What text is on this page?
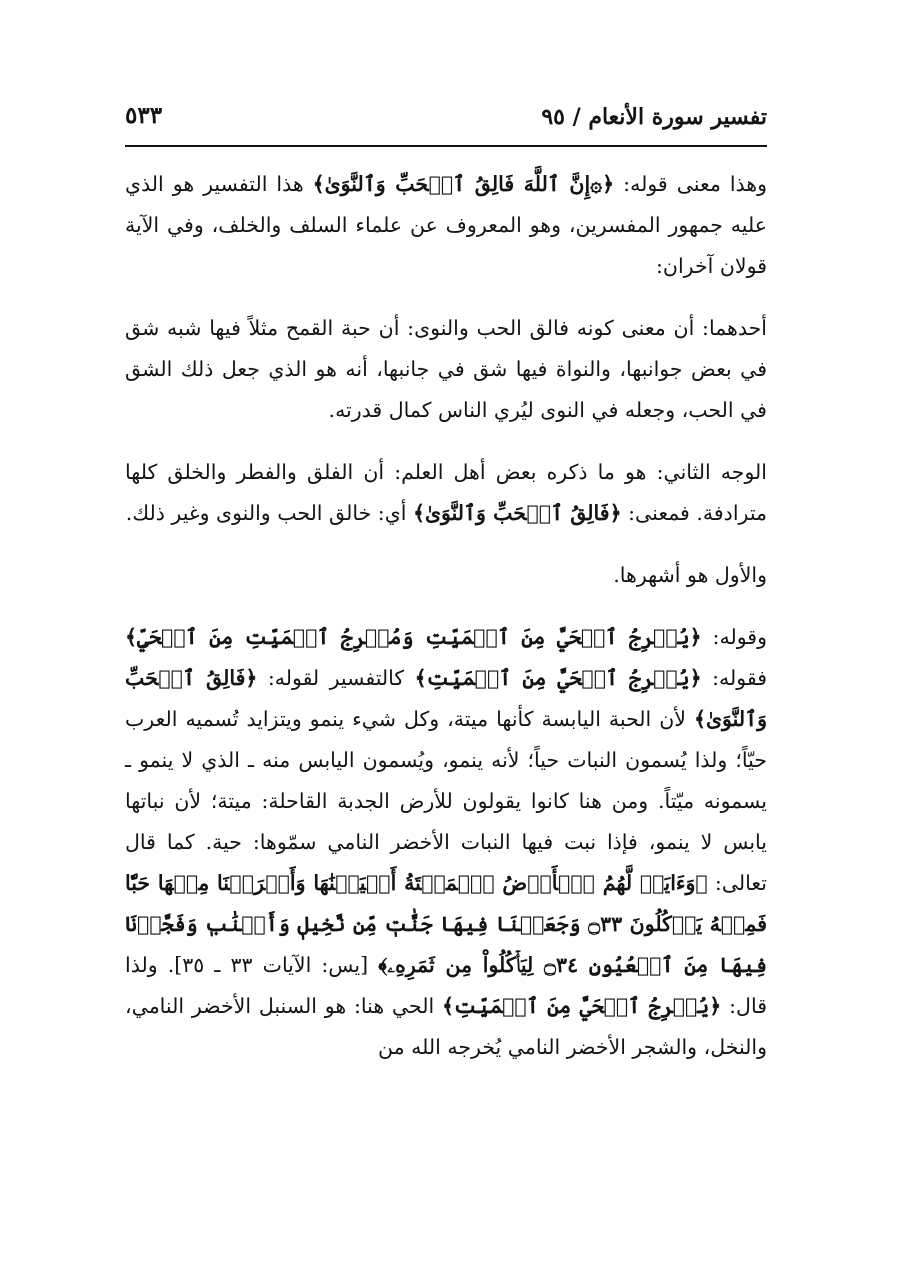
تفسير سورة الأنعام / ٩٥
٥٣٣

وهذا معنى قوله: ﴿۞إِنَّ ٱللَّهَ فَالِقُ ٱلۡحَبِّ وَٱلنَّوَىٰ﴾ هذا التفسير هو الذي عليه جمهور المفسرين، وهو المعروف عن علماء السلف والخلف، وفي الآية قولان آخران:

أحدهما: أن معنى كونه فالق الحب والنوى: أن حبة القمح مثلاً فيها شبه شق في بعض جوانبها، والنواة فيها شق في جانبها، أنه هو الذي جعل ذلك الشق في الحب، وجعله في النوى ليُري الناس كمال قدرته.

الوجه الثاني: هو ما ذكره بعض أهل العلم: أن الفلق والفطر والخلق كلها مترادفة. فمعنى: ﴿فَالِقُ ٱلۡحَبِّ وَٱلنَّوَىٰ﴾ أي: خالق الحب والنوى وغير ذلك.

والأول هو أشهرها.

وقوله: ﴿يُخۡرِجُ ٱلۡحَيَّ مِنَ ٱلۡمَيِّتِ وَمُخۡرِجُ ٱلۡمَيِّتِ مِنَ ٱلۡحَيِّ﴾ فقوله: ﴿يُخۡرِجُ ٱلۡحَيَّ مِنَ ٱلۡمَيِّتِ﴾ كالتفسير لقوله: ﴿فَالِقُ ٱلۡحَبِّ وَٱلنَّوَىٰ﴾ لأن الحبة اليابسة كأنها ميتة، وكل شيء ينمو ويتزايد تُسميه العرب حيّاً؛ ولذا يُسمون النبات حياً؛ لأنه ينمو، ويُسمون اليابس منه ـ الذي لا ينمو ـ يسمونه ميّتاً. ومن هنا كانوا يقولون للأرض الجدبة القاحلة: ميتة؛ لأن نباتها يابس لا ينمو، فإذا نبت فيها النبات الأخضر النامي سمّوها: حية. كما قال تعالى: ﴿وَءَايَةٞ لَّهُمُ ٱلۡأَرۡضُ ٱلۡمَيۡتَةُ أَحۡيَيۡنَٰهَا وَأَخۡرَجۡنَا مِنۡهَا حَبّٗا فَمِنۡهُ يَأۡكُلُونَ ۝٣٣ وَجَعَلۡنَا فِيهَا جَنَّٰتٖ مِّن نَّخِيلٖ وَأَعۡنَٰبٖ وَفَجَّرۡنَا فِيهَا مِنَ ٱلۡعُيُونِ ۝٣٤ لِيَأۡكُلُواْ مِن ثَمَرِهِۦ﴾ [يس: الآيات ٣٣ ـ ٣٥]. ولذا قال: ﴿يُخۡرِجُ ٱلۡحَيَّ مِنَ ٱلۡمَيِّتِ﴾ الحي هنا: هو السنبل الأخضر النامي، والنخل، والشجر الأخضر النامي يُخرجه الله من
